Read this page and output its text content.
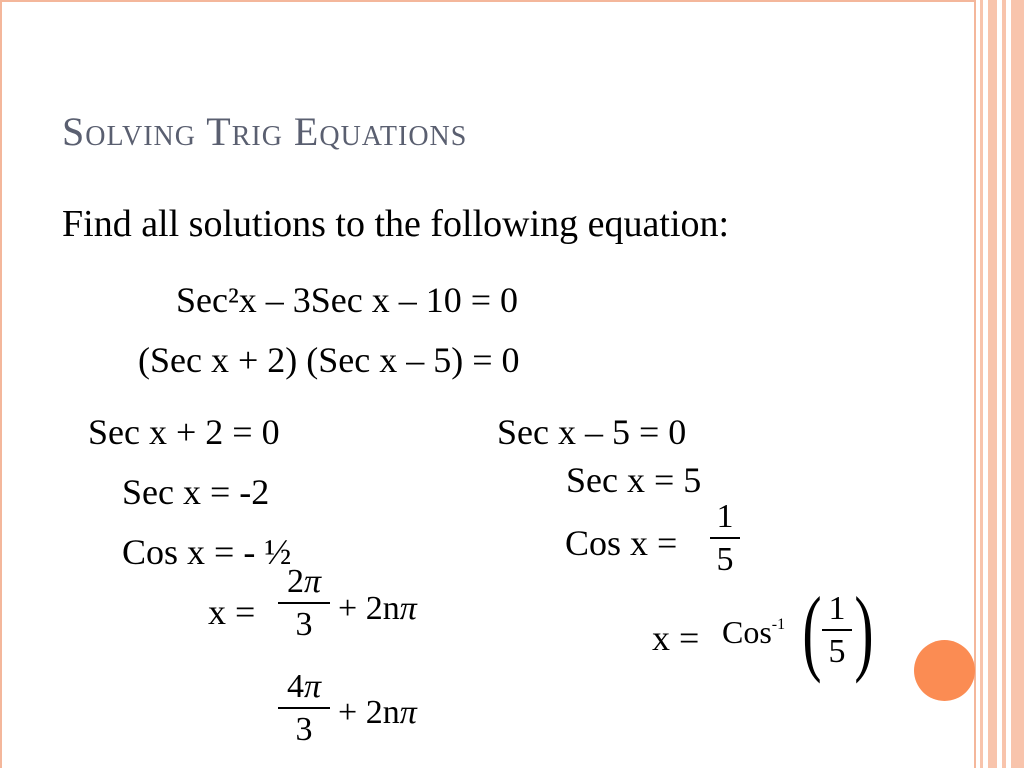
Solving Trig Equations
Find all solutions to the following equation:
Sec²x – 3Sec x – 10 = 0
(Sec x + 2) (Sec x – 5) = 0
Sec x + 2 = 0
Sec x = -2
Cos x = - ½
x =
2π
3 + 2nπ
4π
3 + 2nπ
Sec x – 5 = 0
Sec x = 5
Cos x =
1
5
x = Cos$^{-1}$ ( 1
5 )
